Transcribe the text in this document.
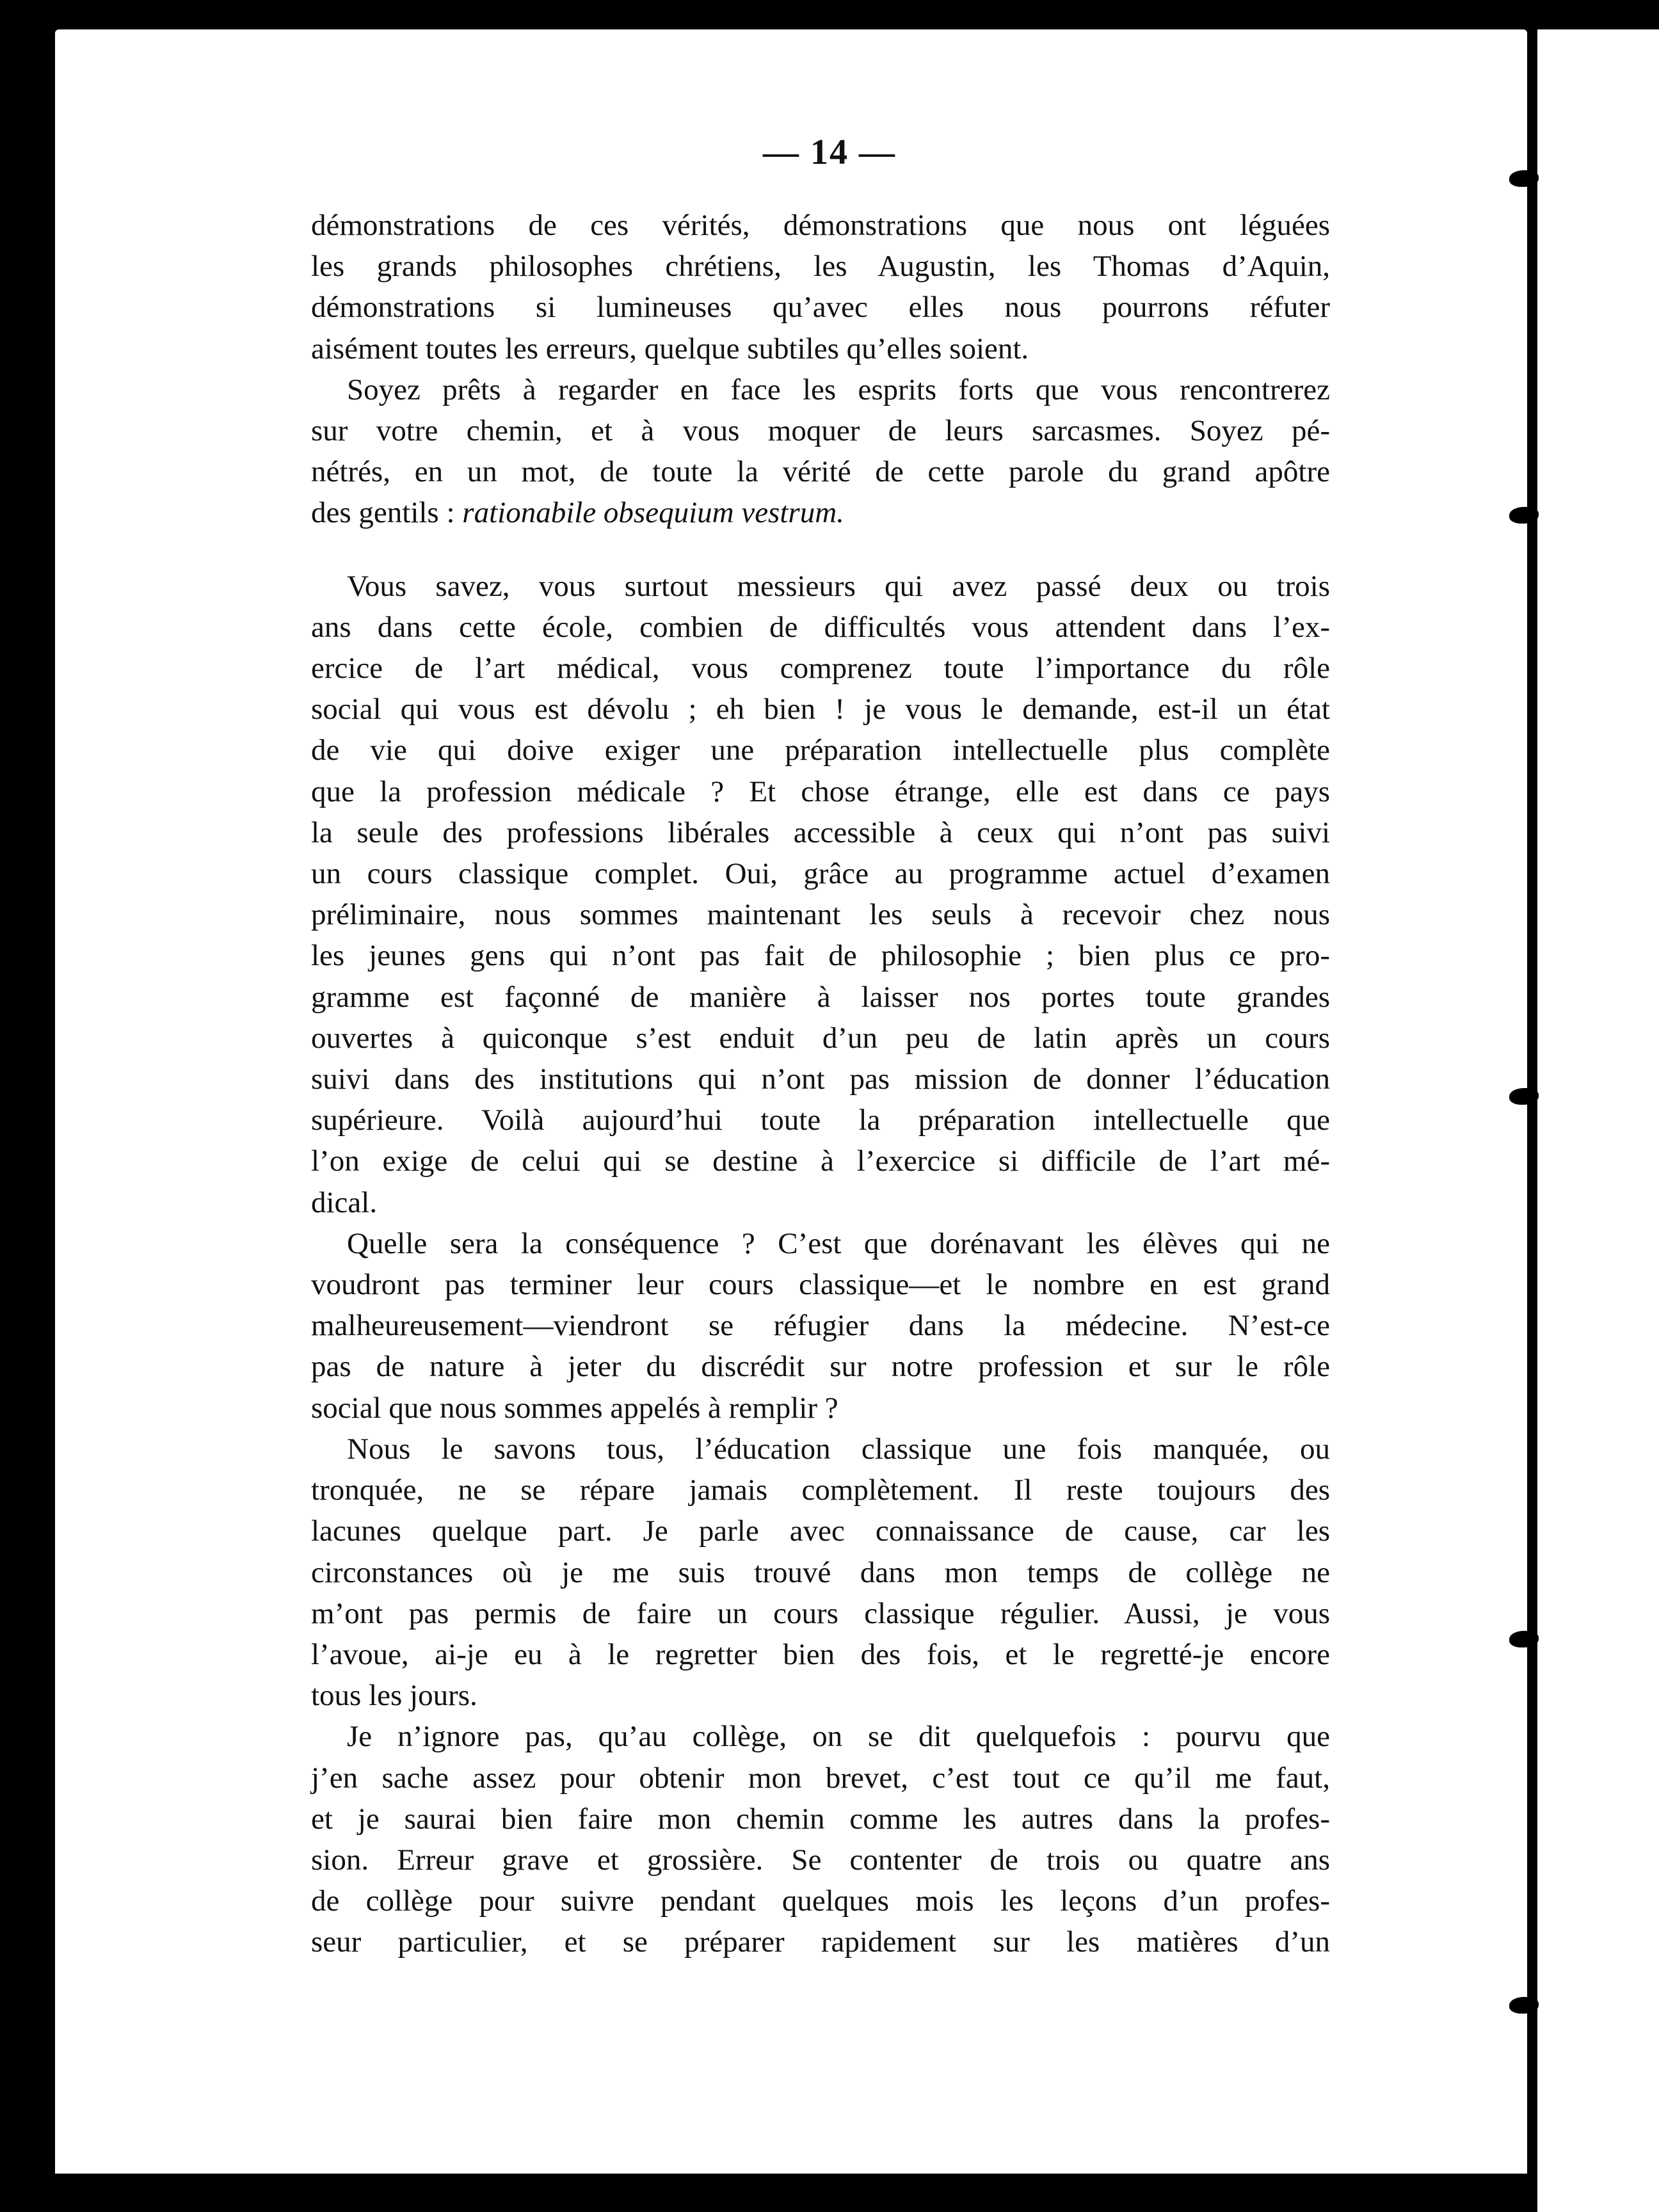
— 14 —
démonstrations de ces vérités, démonstrations que nous ont léguées
les grands philosophes chrétiens, les Augustin, les Thomas d’Aquin,
démonstrations si lumineuses qu’avec elles nous pourrons réfuter
aisément toutes les erreurs, quelque subtiles qu’elles soient.
Soyez prêts à regarder en face les esprits forts que vous rencontrerez
sur votre chemin, et à vous moquer de leurs sarcasmes. Soyez pé-
nétrés, en un mot, de toute la vérité de cette parole du grand apôtre
des gentils : rationabile obsequium vestrum.
Vous savez, vous surtout messieurs qui avez passé deux ou trois
ans dans cette école, combien de difficultés vous attendent dans l’ex-
ercice de l’art médical, vous comprenez toute l’importance du rôle
social qui vous est dévolu ; eh bien ! je vous le demande, est-il un état
de vie qui doive exiger une préparation intellectuelle plus complète
que la profession médicale ? Et chose étrange, elle est dans ce pays
la seule des professions libérales accessible à ceux qui n’ont pas suivi
un cours classique complet. Oui, grâce au programme actuel d’examen
préliminaire, nous sommes maintenant les seuls à recevoir chez nous
les jeunes gens qui n’ont pas fait de philosophie ; bien plus ce pro-
gramme est façonné de manière à laisser nos portes toute grandes
ouvertes à quiconque s’est enduit d’un peu de latin après un cours
suivi dans des institutions qui n’ont pas mission de donner l’éducation
supérieure. Voilà aujourd’hui toute la préparation intellectuelle que
l’on exige de celui qui se destine à l’exercice si difficile de l’art mé-
dical.
Quelle sera la conséquence ? C’est que dorénavant les élèves qui ne
voudront pas terminer leur cours classique—et le nombre en est grand
malheureusement—viendront se réfugier dans la médecine. N’est-ce
pas de nature à jeter du discrédit sur notre profession et sur le rôle
social que nous sommes appelés à remplir ?
Nous le savons tous, l’éducation classique une fois manquée, ou
tronquée, ne se répare jamais complètement. Il reste toujours des
lacunes quelque part. Je parle avec connaissance de cause, car les
circonstances où je me suis trouvé dans mon temps de collège ne
m’ont pas permis de faire un cours classique régulier. Aussi, je vous
l’avoue, ai-je eu à le regretter bien des fois, et le regretté-je encore
tous les jours.
Je n’ignore pas, qu’au collège, on se dit quelquefois : pourvu que
j’en sache assez pour obtenir mon brevet, c’est tout ce qu’il me faut,
et je saurai bien faire mon chemin comme les autres dans la profes-
sion. Erreur grave et grossière. Se contenter de trois ou quatre ans
de collège pour suivre pendant quelques mois les leçons d’un profes-
seur particulier, et se préparer rapidement sur les matières d’un
